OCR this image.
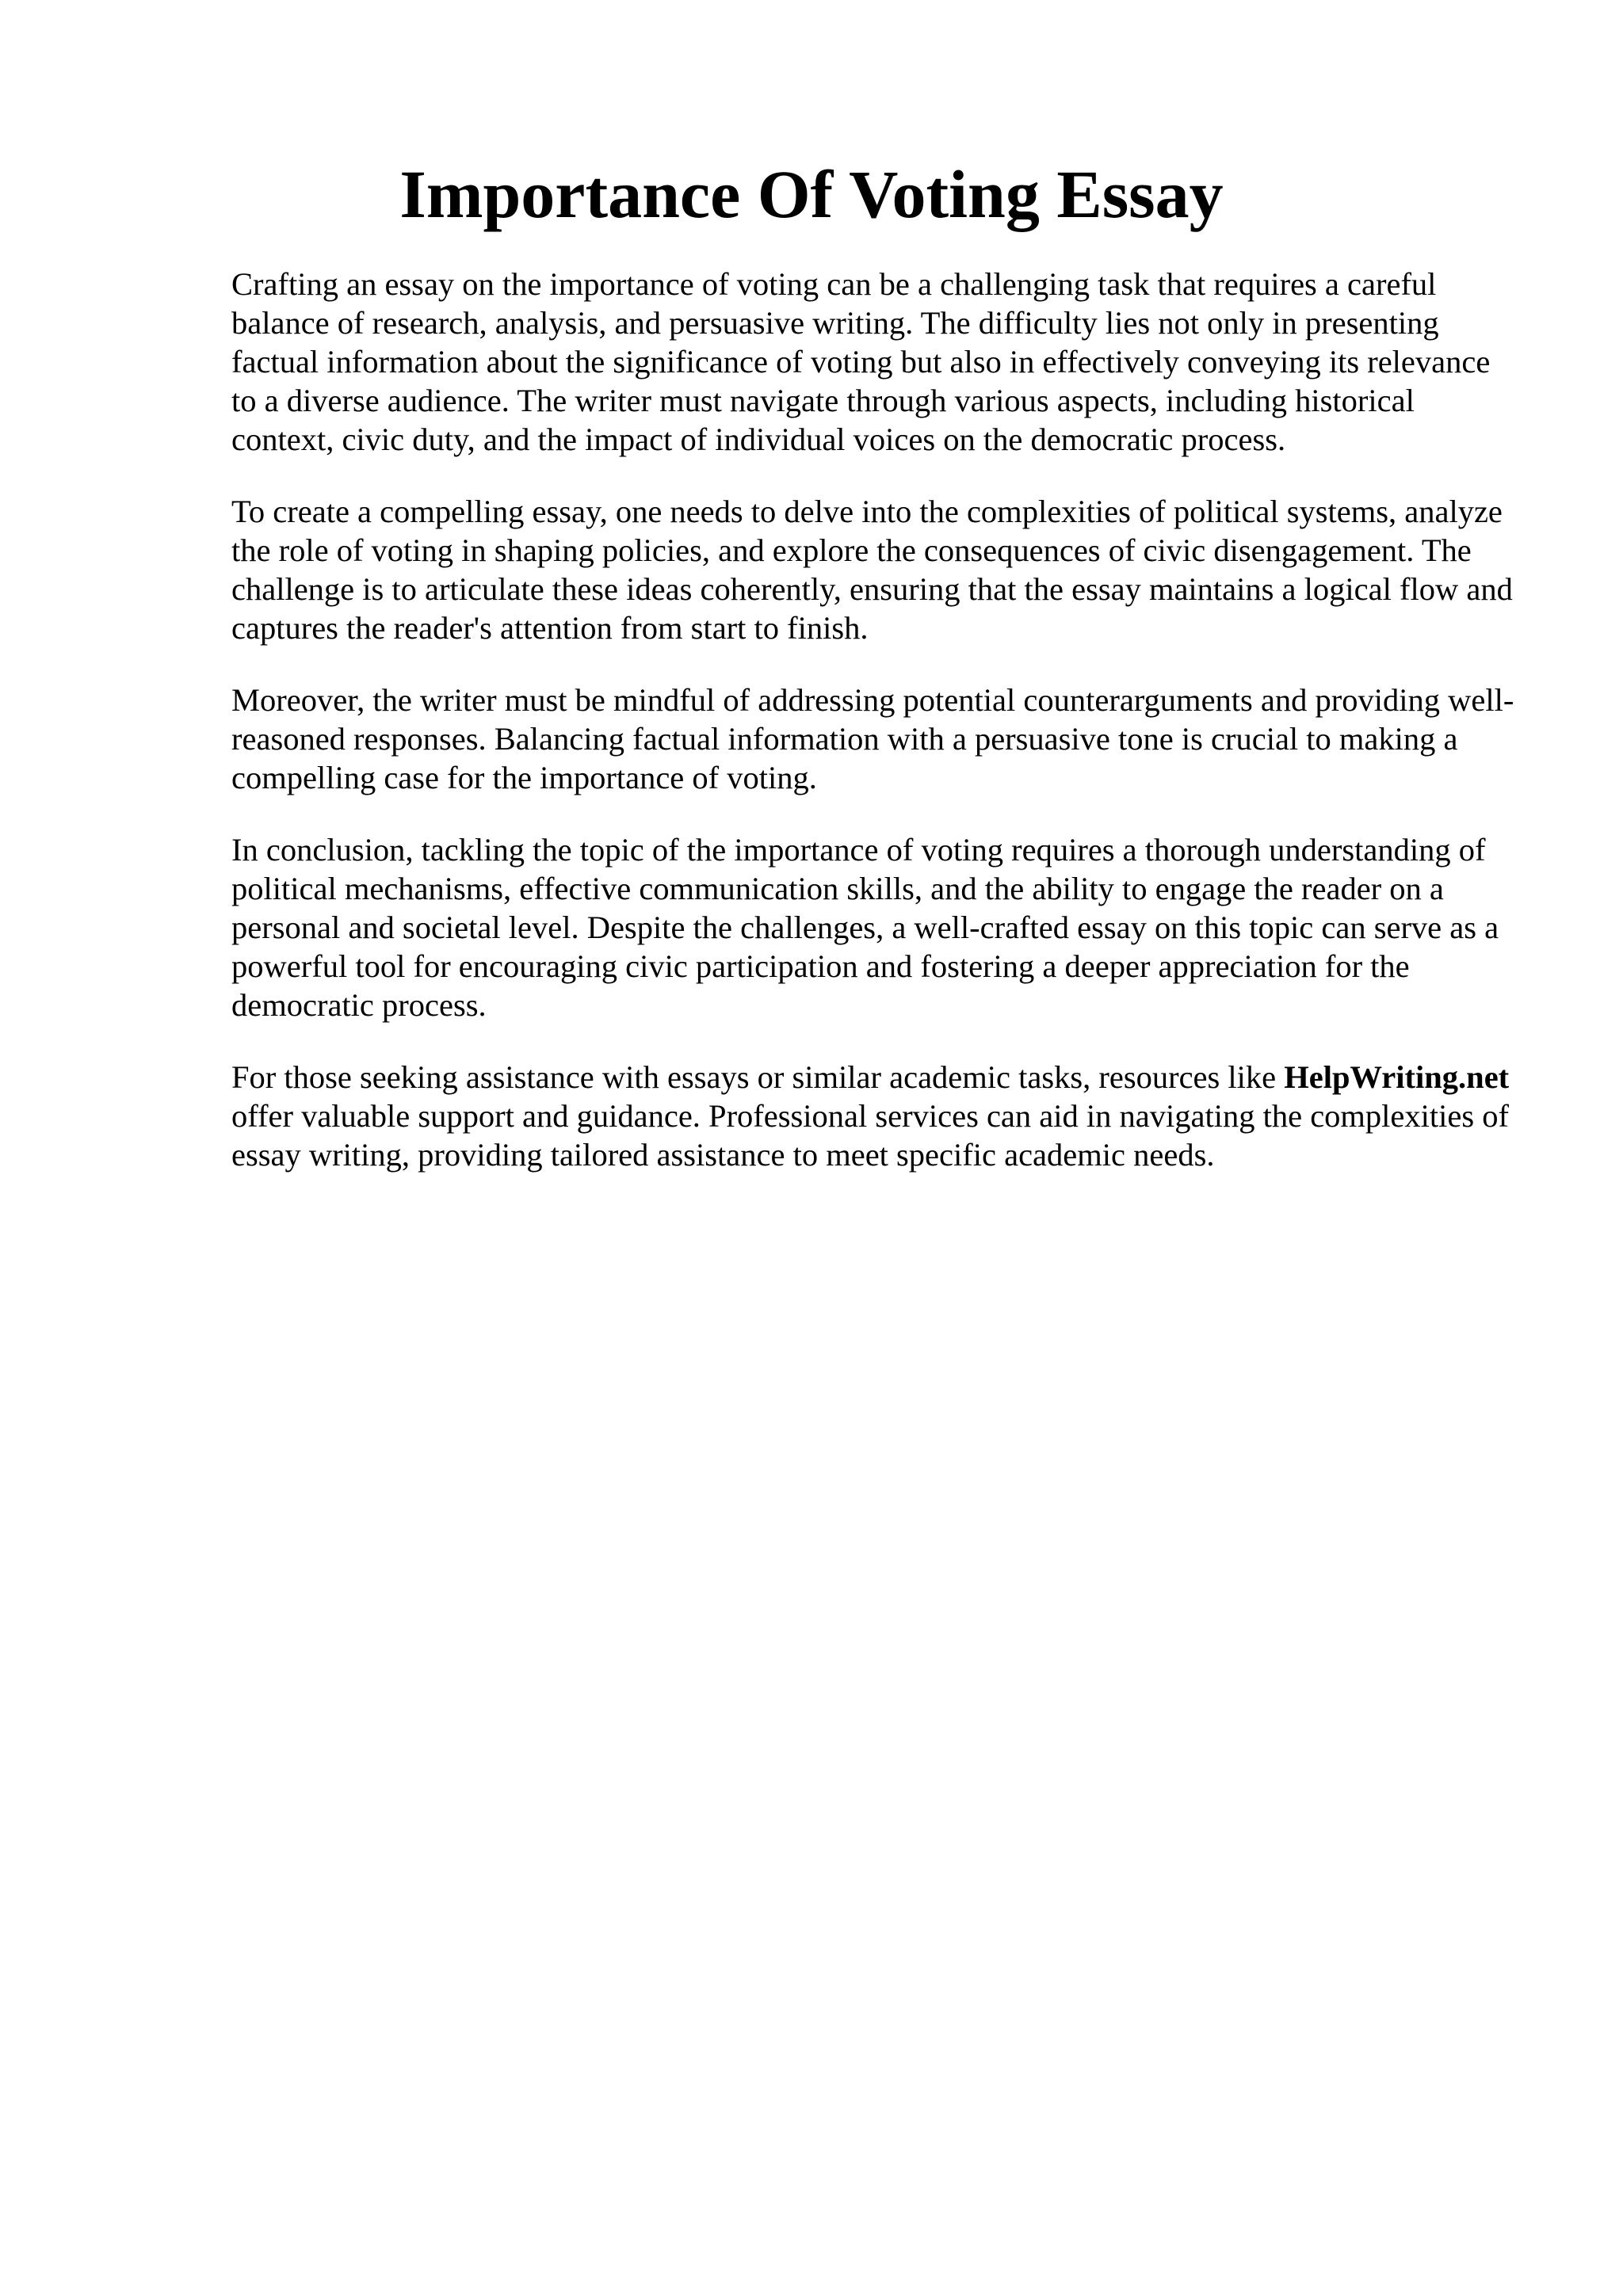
Importance Of Voting Essay

Crafting an essay on the importance of voting can be a challenging task that requires a careful balance of research, analysis, and persuasive writing. The difficulty lies not only in presenting factual information about the significance of voting but also in effectively conveying its relevance to a diverse audience. The writer must navigate through various aspects, including historical context, civic duty, and the impact of individual voices on the democratic process.

To create a compelling essay, one needs to delve into the complexities of political systems, analyze the role of voting in shaping policies, and explore the consequences of civic disengagement. The challenge is to articulate these ideas coherently, ensuring that the essay maintains a logical flow and captures the reader's attention from start to finish.

Moreover, the writer must be mindful of addressing potential counterarguments and providing well-reasoned responses. Balancing factual information with a persuasive tone is crucial to making a compelling case for the importance of voting.

In conclusion, tackling the topic of the importance of voting requires a thorough understanding of political mechanisms, effective communication skills, and the ability to engage the reader on a personal and societal level. Despite the challenges, a well-crafted essay on this topic can serve as a powerful tool for encouraging civic participation and fostering a deeper appreciation for the democratic process.

For those seeking assistance with essays or similar academic tasks, resources like HelpWriting.net offer valuable support and guidance. Professional services can aid in navigating the complexities of essay writing, providing tailored assistance to meet specific academic needs.
